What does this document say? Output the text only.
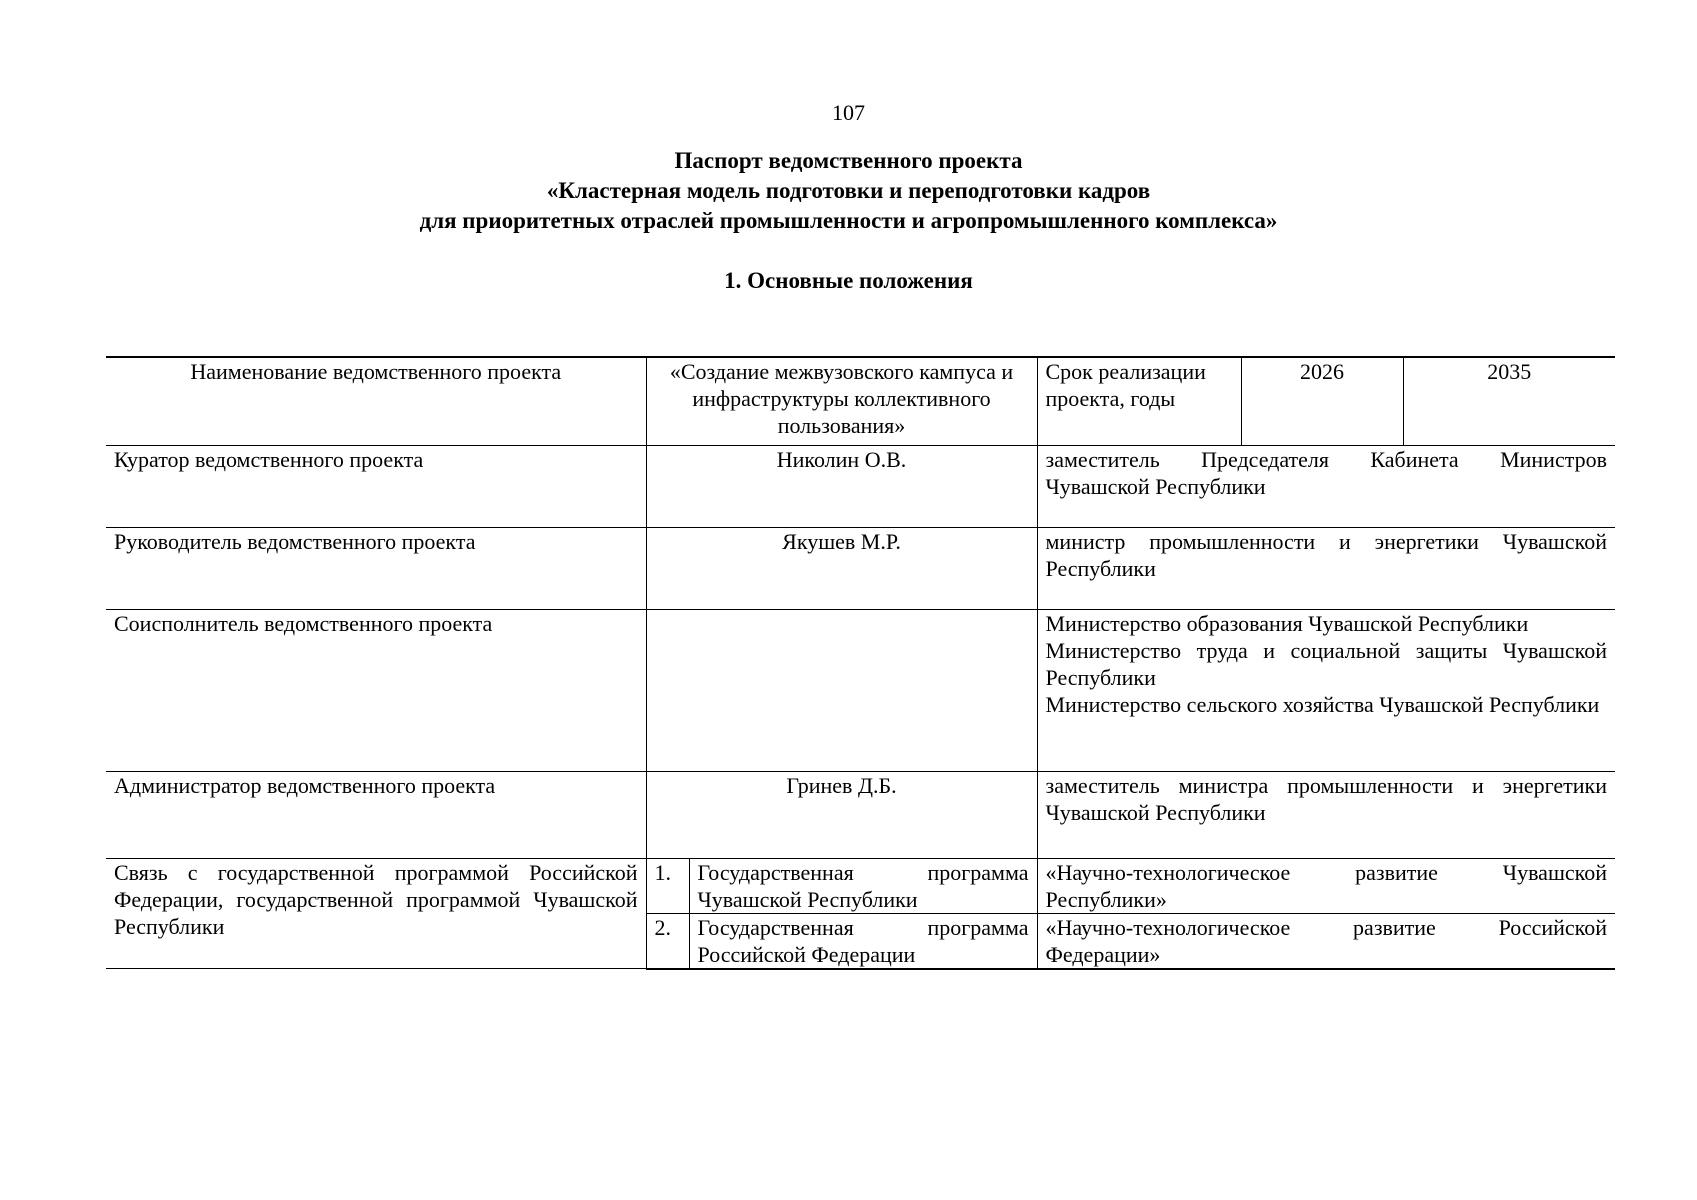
107
Паспорт ведомственного проекта
«Кластерная модель подготовки и переподготовки кадров
для приоритетных отраслей промышленности и агропромышленного комплекса»
1. Основные положения
Наименование ведомственного проекта	«Создание межвузовского кампуса и инфраструктуры коллективного пользования»		Срок реализации проекта, годы	2026	2035
Куратор ведомственного проекта	Николин О.В.		заместитель Председателя Кабинета Министров Чувашской Республики		
Руководитель ведомственного проекта	Якушев М.Р.		министр промышленности и энергетики Чувашской Республики		
Соисполнитель ведомственного проекта			Министерство образования Чувашской Республики
Министерство труда и социальной защиты Чувашской Республики
Министерство сельского хозяйства Чувашской Республики		

Администратор ведомственного проекта	Гринев Д.Б.		заместитель министра промышленности и энергетики Чувашской Республики		
Связь с государственной программой Российской Федерации, государственной программой Чувашской Республики	1.	Государственная программа Чувашской Республики	«Научно-технологическое развитие Чувашской Республики»		
	2.	Государственная программа Российской Федерации	«Научно-технологическое развитие Российской Федерации»		
